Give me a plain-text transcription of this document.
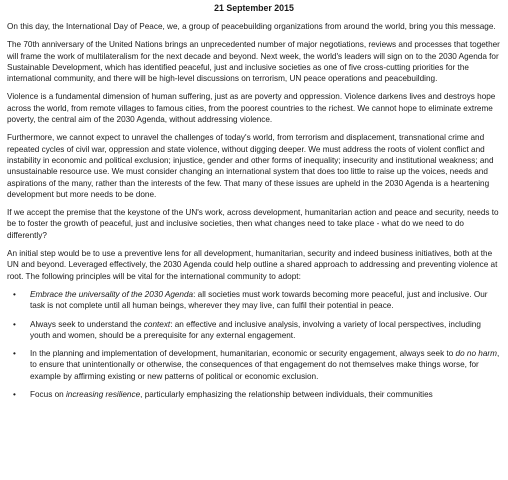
21 September 2015

On this day, the International Day of Peace, we, a group of peacebuilding organizations from around the world, bring you this message.

The 70th anniversary of the United Nations brings an unprecedented number of major negotiations, reviews and processes that together will frame the work of multilateralism for the next decade and beyond. Next week, the world's leaders will sign on to the 2030 Agenda for Sustainable Development, which has identified peaceful, just and inclusive societies as one of five cross-cutting priorities for the international community, and there will be high-level discussions on terrorism, UN peace operations and peacebuilding.

Violence is a fundamental dimension of human suffering, just as are poverty and oppression. Violence darkens lives and destroys hope across the world, from remote villages to famous cities, from the poorest countries to the richest. We cannot hope to eliminate extreme poverty, the central aim of the 2030 Agenda, without addressing violence.

Furthermore, we cannot expect to unravel the challenges of today's world, from terrorism and displacement, transnational crime and repeated cycles of civil war, oppression and state violence, without digging deeper. We must address the roots of violent conflict and instability in economic and political exclusion; injustice, gender and other forms of inequality; insecurity and institutional weakness; and unsustainable resource use. We must consider changing an international system that does too little to raise up the voices, needs and aspirations of the many, rather than the interests of the few. That many of these issues are upheld in the 2030 Agenda is a heartening development but more needs to be done.

If we accept the premise that the keystone of the UN's work, across development, humanitarian action and peace and security, needs to be to foster the growth of peaceful, just and inclusive societies, then what changes need to take place - what do we need to do differently?

An initial step would be to use a preventive lens for all development, humanitarian, security and indeed business initiatives, both at the UN and beyond. Leveraged effectively, the 2030 Agenda could help outline a shared approach to addressing and preventing violence at root. The following principles will be vital for the international community to adopt:

• Embrace the universality of the 2030 Agenda: all societies must work towards becoming more peaceful, just and inclusive. Our task is not complete until all human beings, wherever they may live, can fulfil their potential in peace.
• Always seek to understand the context: an effective and inclusive analysis, involving a variety of local perspectives, including youth and women, should be a prerequisite for any external engagement.
• In the planning and implementation of development, humanitarian, economic or security engagement, always seek to do no harm, to ensure that unintentionally or otherwise, the consequences of that engagement do not themselves make things worse, for example by affirming existing or new patterns of political or economic exclusion.
• Focus on increasing resilience, particularly emphasizing the relationship between individuals, their communities
